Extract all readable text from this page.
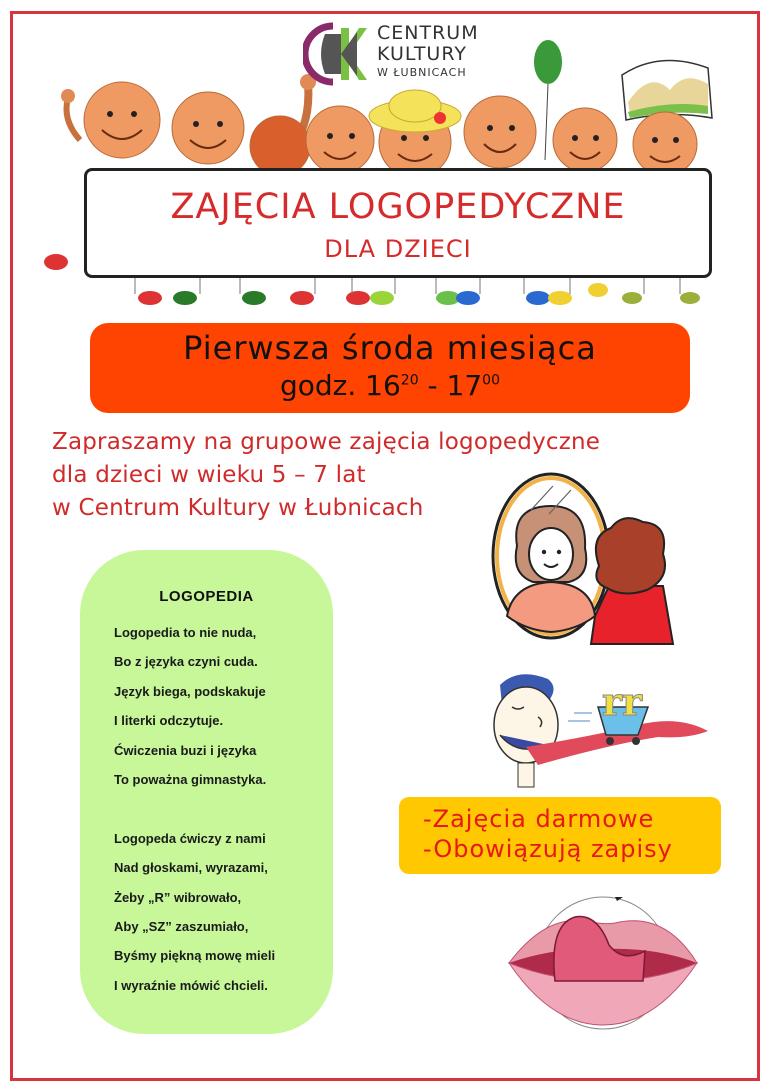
CENTRUM
KULTURY
W ŁUBNICACH
ZAJĘCIA LOGOPEDYCZNE
DLA DZIECI
Pierwsza środa miesiąca
godz. $16^{20} - 17^{00}$
Zapraszamy na grupowe zajęcia logopedyczne
dla dzieci w wieku 5 – 7 lat
w Centrum Kultury w Łubnicach
rr
LOGOPEDIA
Logopedia to nie nuda,
Bo z języka czyni cuda.
Język biega, podskakuje
I literki odczytuje.
Ćwiczenia buzi i języka
To poważna gimnastyka.
Logopeda ćwiczy z nami
Nad głoskami, wyrazami,
Żeby „R” wibrowało,
Aby „SZ” zaszumiało,
Byśmy piękną mowę mieli
I wyraźnie mówić chcieli.
-Zajęcia darmowe
-Obowiązują zapisy
